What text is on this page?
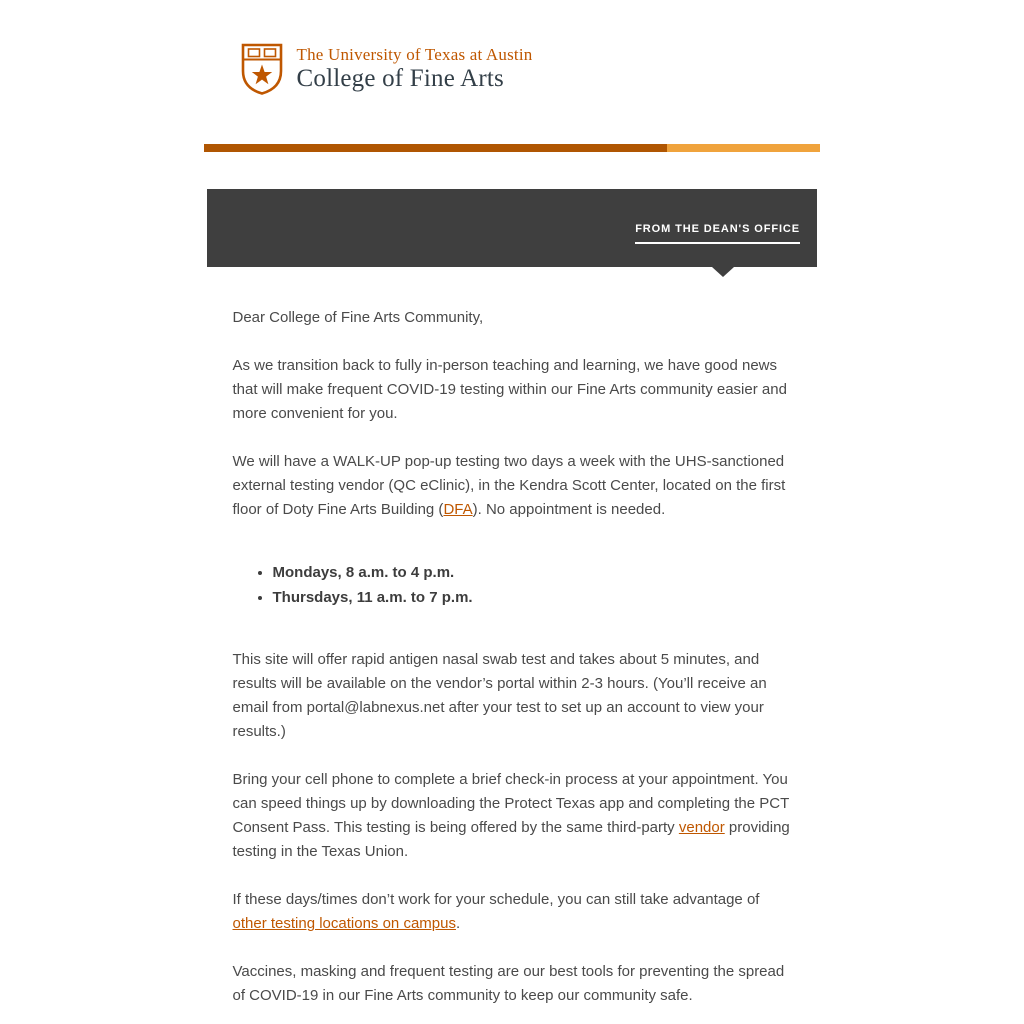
The University of Texas at Austin
College of Fine Arts
FROM THE DEAN'S OFFICE

Dear College of Fine Arts Community,

As we transition back to fully in-person teaching and learning, we have good news that will make frequent COVID-19 testing within our Fine Arts community easier and more convenient for you.

We will have a WALK-UP pop-up testing two days a week with the UHS-sanctioned external testing vendor (QC eClinic), in the Kendra Scott Center, located on the first floor of Doty Fine Arts Building (DFA). No appointment is needed.

• Mondays, 8 a.m. to 4 p.m.
• Thursdays, 11 a.m. to 7 p.m.

This site will offer rapid antigen nasal swab test and takes about 5 minutes, and results will be available on the vendor’s portal within 2-3 hours. (You’ll receive an email from portal@labnexus.net after your test to set up an account to view your results.)

Bring your cell phone to complete a brief check-in process at your appointment. You can speed things up by downloading the Protect Texas app and completing the PCT Consent Pass. This testing is being offered by the same third-party vendor providing testing in the Texas Union.

If these days/times don’t work for your schedule, you can still take advantage of other testing locations on campus.

Vaccines, masking and frequent testing are our best tools for preventing the spread of COVID-19 in our Fine Arts community to keep our community safe.
